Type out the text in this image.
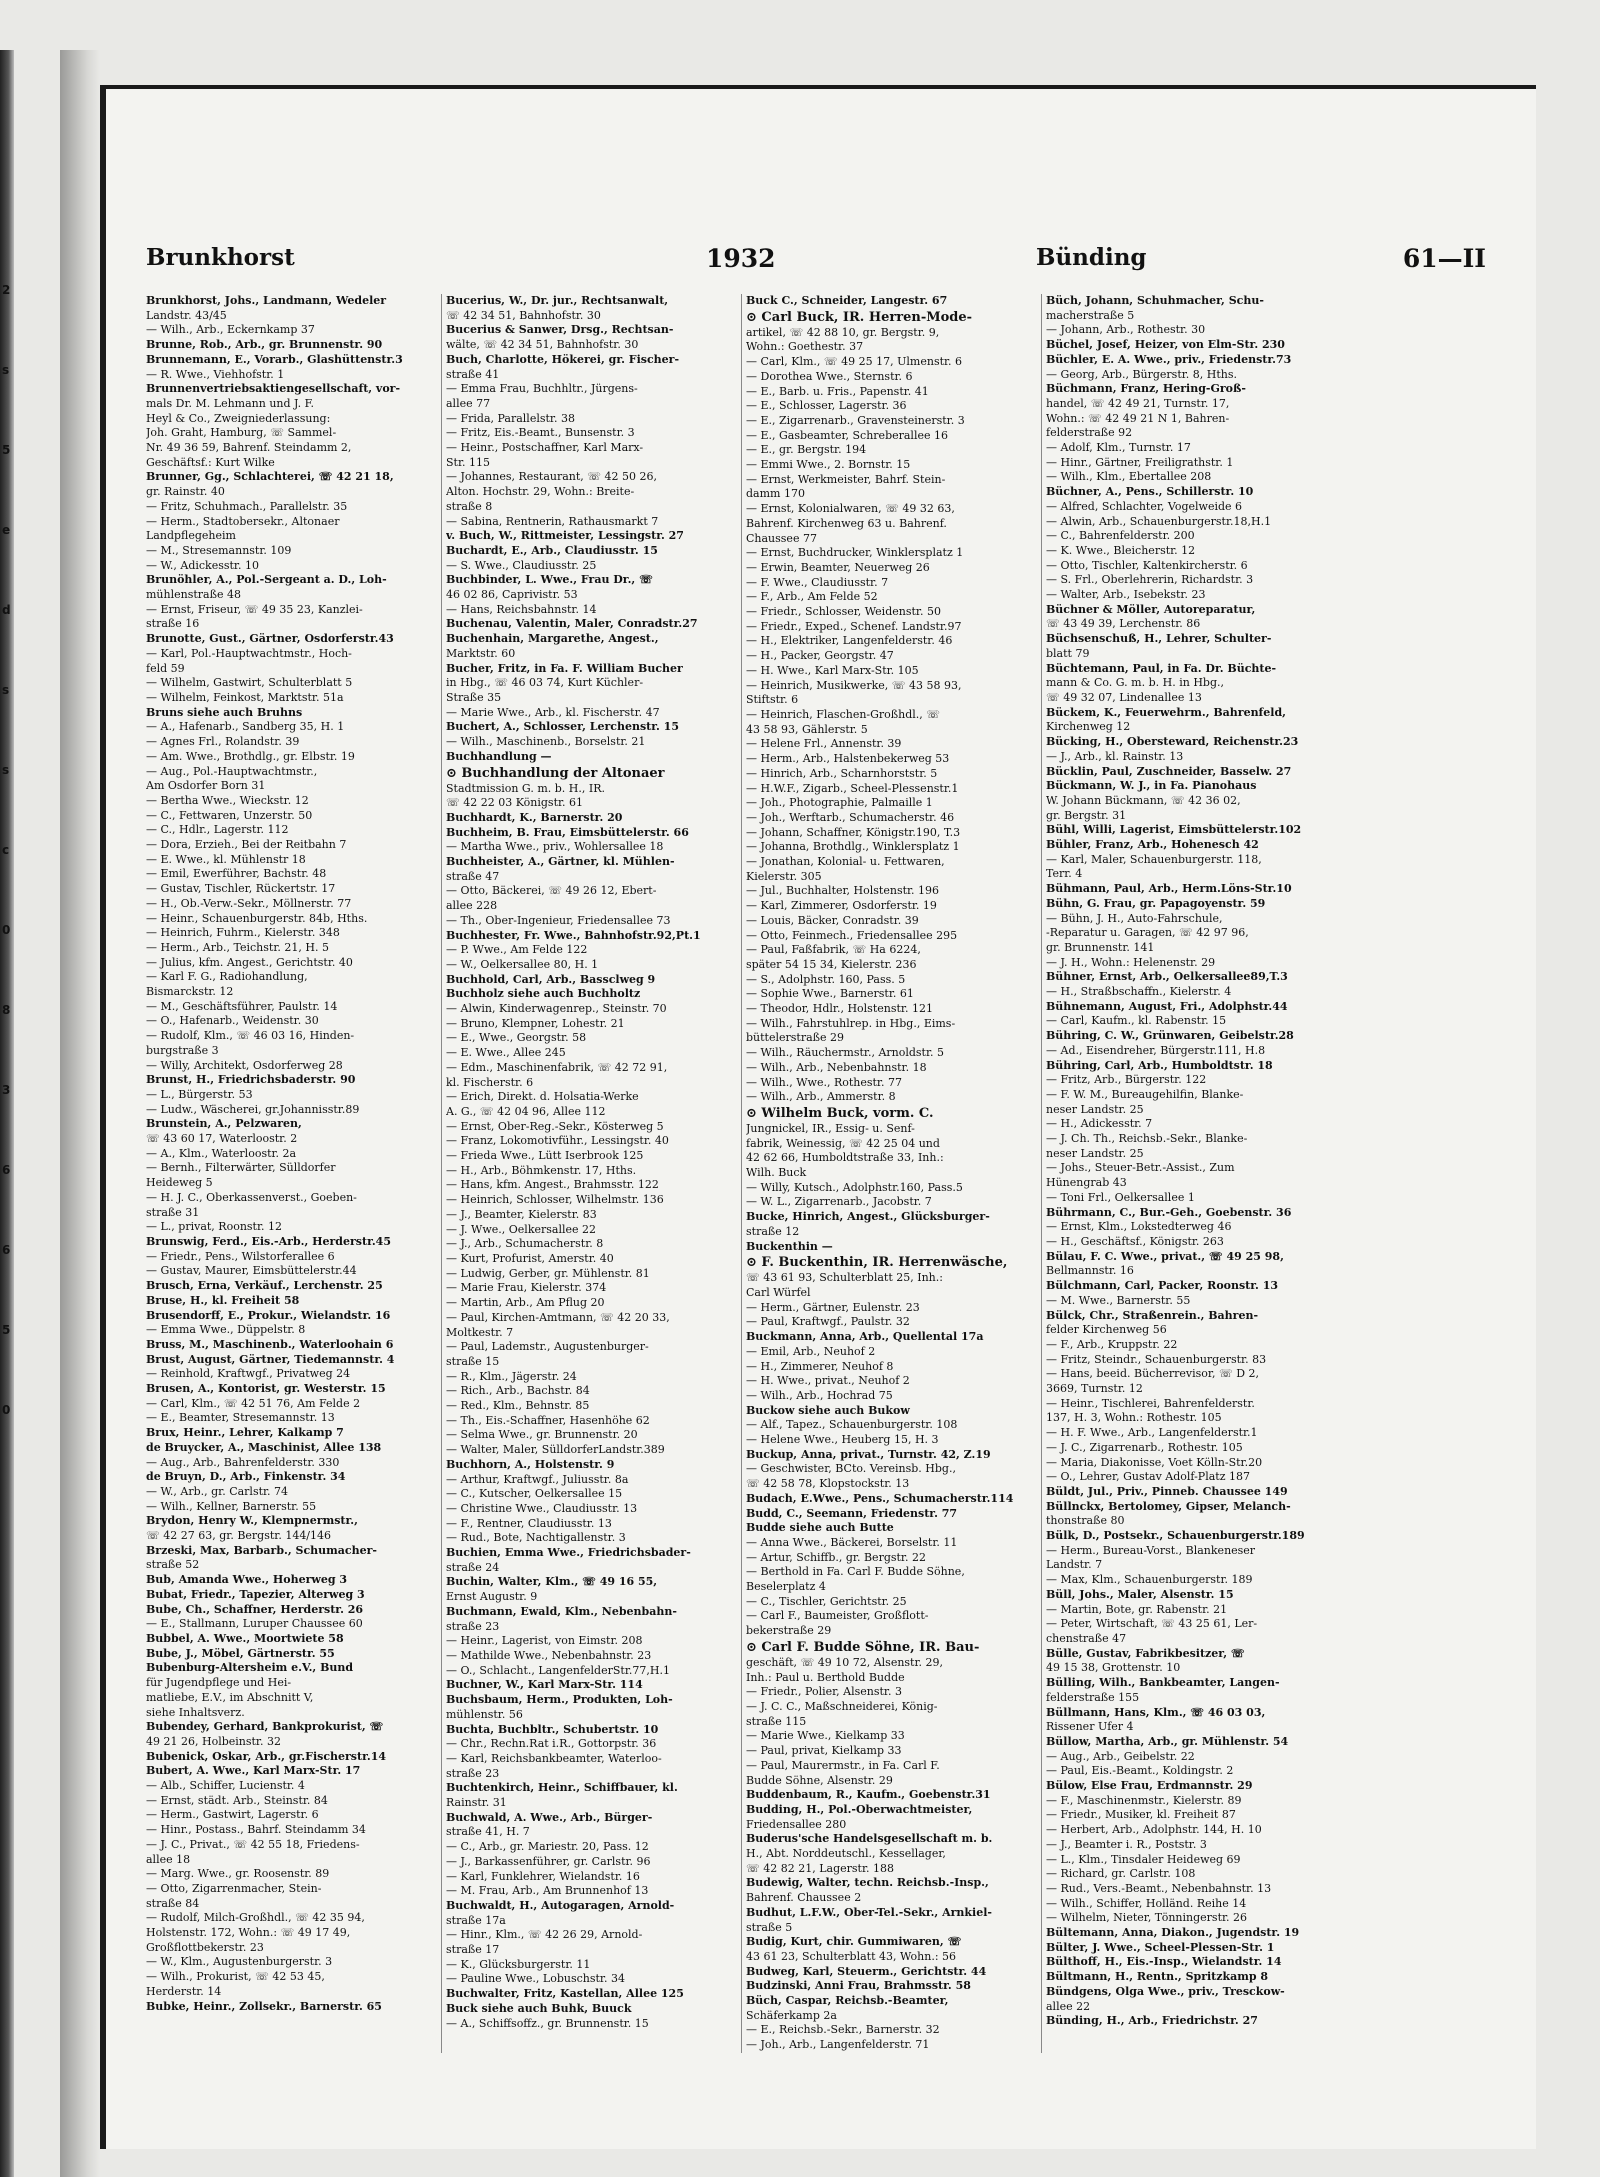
2
s
5
e
d
s
s
c
0
8
3
6
6
5
0
Brunkhorst	1932	Bünding	61—II
Brunkhorst, Johs., Landmann, Wedeler
Landstr. 43/45
— Wilh., Arb., Eckernkamp 37
Brunne, Rob., Arb., gr. Brunnenstr. 90
Brunnemann, E., Vorarb., Glashüttenstr.3
— R. Wwe., Viehhofstr. 1
Brunnenvertriebsaktiengesellschaft, vor-
mals Dr. M. Lehmann und J. F.
Heyl & Co., Zweigniederlassung:
Joh. Graht, Hamburg, ☏ Sammel-
Nr. 49 36 59, Bahrenf. Steindamm 2,
Geschäftsf.: Kurt Wilke
Brunner, Gg., Schlachterei, ☏ 42 21 18,
gr. Rainstr. 40
— Fritz, Schuhmach., Parallelstr. 35
— Herm., Stadtobersekr., Altonaer
Landpflegeheim
— M., Stresemannstr. 109
— W., Adickesstr. 10
Brunöhler, A., Pol.-Sergeant a. D., Loh-
mühlenstraße 48
— Ernst, Friseur, ☏ 49 35 23, Kanzlei-
straße 16
Brunotte, Gust., Gärtner, Osdorferstr.43
— Karl, Pol.-Hauptwachtmstr., Hoch-
feld 59
— Wilhelm, Gastwirt, Schulterblatt 5
— Wilhelm, Feinkost, Marktstr. 51a
Bruns siehe auch Bruhns
— A., Hafenarb., Sandberg 35, H. 1
— Agnes Frl., Rolandstr. 39
— Am. Wwe., Brothdlg., gr. Elbstr. 19
— Aug., Pol.-Hauptwachtmstr.,
Am Osdorfer Born 31
— Bertha Wwe., Wieckstr. 12
— C., Fettwaren, Unzerstr. 50
— C., Hdlr., Lagerstr. 112
— Dora, Erzieh., Bei der Reitbahn 7
— E. Wwe., kl. Mühlenstr 18
— Emil, Ewerführer, Bachstr. 48
— Gustav, Tischler, Rückertstr. 17
— H., Ob.-Verw.-Sekr., Möllnerstr. 77
— Heinr., Schauenburgerstr. 84b, Hths.
— Heinrich, Fuhrm., Kielerstr. 348
— Herm., Arb., Teichstr. 21, H. 5
— Julius, kfm. Angest., Gerichtstr. 40
— Karl F. G., Radiohandlung,
Bismarckstr. 12
— M., Geschäftsführer, Paulstr. 14
— O., Hafenarb., Weidenstr. 30
— Rudolf, Klm., ☏ 46 03 16, Hinden-
burgstraße 3
— Willy, Architekt, Osdorferweg 28
Brunst, H., Friedrichsbaderstr. 90
— L., Bürgerstr. 53
— Ludw., Wäscherei, gr.Johannisstr.89
Brunstein, A., Pelzwaren,
☏ 43 60 17, Waterloostr. 2
— A., Klm., Waterloostr. 2a
— Bernh., Filterwärter, Sülldorfer
Heideweg 5
— H. J. C., Oberkassenverst., Goeben-
straße 31
— L., privat, Roonstr. 12
Brunswig, Ferd., Eis.-Arb., Herderstr.45
— Friedr., Pens., Wilstorferallee 6
— Gustav, Maurer, Eimsbüttelerstr.44
Brusch, Erna, Verkäuf., Lerchenstr. 25
Bruse, H., kl. Freiheit 58
Brusendorff, E., Prokur., Wielandstr. 16
— Emma Wwe., Düppelstr. 8
Bruss, M., Maschinenb., Waterloohain 6
Brust, August, Gärtner, Tiedemannstr. 4
— Reinhold, Kraftwgf., Privatweg 24
Brusen, A., Kontorist, gr. Westerstr. 15
— Carl, Klm., ☏ 42 51 76, Am Felde 2
— E., Beamter, Stresemannstr. 13
Brux, Heinr., Lehrer, Kalkamp 7
de Bruycker, A., Maschinist, Allee 138
— Aug., Arb., Bahrenfelderstr. 330
de Bruyn, D., Arb., Finkenstr. 34
— W., Arb., gr. Carlstr. 74
— Wilh., Kellner, Barnerstr. 55
Brydon, Henry W., Klempnermstr.,
☏ 42 27 63, gr. Bergstr. 144/146
Brzeski, Max, Barbarb., Schumacher-
straße 52
Bub, Amanda Wwe., Hoherweg 3
Bubat, Friedr., Tapezier, Alterweg 3
Bube, Ch., Schaffner, Herderstr. 26
— E., Stallmann, Luruper Chaussee 60
Bubbel, A. Wwe., Moortwiete 58
Bube, J., Möbel, Gärtnerstr. 55
Bubenburg-Altersheim e.V., Bund
für Jugendpflege und Hei-
matliebe, E.V., im Abschnitt V,
siehe Inhaltsverz.
Bubendey, Gerhard, Bankprokurist, ☏
49 21 26, Holbeinstr. 32
Bubenick, Oskar, Arb., gr.Fischerstr.14
Bubert, A. Wwe., Karl Marx-Str. 17
— Alb., Schiffer, Lucienstr. 4
— Ernst, städt. Arb., Steinstr. 84
— Herm., Gastwirt, Lagerstr. 6
— Hinr., Postass., Bahrf. Steindamm 34
— J. C., Privat., ☏ 42 55 18, Friedens-
allee 18
— Marg. Wwe., gr. Roosenstr. 89
— Otto, Zigarrenmacher, Stein-
straße 84
— Rudolf, Milch-Großhdl., ☏ 42 35 94,
Holstenstr. 172, Wohn.: ☏ 49 17 49,
Großflottbekerstr. 23
— W., Klm., Augustenburgerstr. 3
— Wilh., Prokurist, ☏ 42 53 45,
Herderstr. 14
Bubke, Heinr., Zollsekr., Barnerstr. 65
Bucerius, W., Dr. jur., Rechtsanwalt,
☏ 42 34 51, Bahnhofstr. 30
Bucerius & Sanwer, Drsg., Rechtsan-
wälte, ☏ 42 34 51, Bahnhofstr. 30
Buch, Charlotte, Hökerei, gr. Fischer-
straße 41
— Emma Frau, Buchhltr., Jürgens-
allee 77
— Frida, Parallelstr. 38
— Fritz, Eis.-Beamt., Bunsenstr. 3
— Heinr., Postschaffner, Karl Marx-
Str. 115
— Johannes, Restaurant, ☏ 42 50 26,
Alton. Hochstr. 29, Wohn.: Breite-
straße 8
— Sabina, Rentnerin, Rathausmarkt 7
v. Buch, W., Rittmeister, Lessingstr. 27
Buchardt, E., Arb., Claudiusstr. 15
— S. Wwe., Claudiusstr. 25
Buchbinder, L. Wwe., Frau Dr., ☏
46 02 86, Caprivistr. 53
— Hans, Reichsbahnstr. 14
Buchenau, Valentin, Maler, Conradstr.27
Buchenhain, Margarethe, Angest.,
Marktstr. 60
Bucher, Fritz, in Fa. F. William Bucher
in Hbg., ☏ 46 03 74, Kurt Küchler-
Straße 35
— Marie Wwe., Arb., kl. Fischerstr. 47
Buchert, A., Schlosser, Lerchenstr. 15
— Wilh., Maschinenb., Borselstr. 21
Buchhandlung —
⊙ Buchhandlung der Altonaer
Stadtmission G. m. b. H., IR.
☏ 42 22 03 Königstr. 61
Buchhardt, K., Barnerstr. 20
Buchheim, B. Frau, Eimsbüttelerstr. 66
— Martha Wwe., priv., Wohlersallee 18
Buchheister, A., Gärtner, kl. Mühlen-
straße 47
— Otto, Bäckerei, ☏ 49 26 12, Ebert-
allee 228
— Th., Ober-Ingenieur, Friedensallee 73
Buchhester, Fr. Wwe., Bahnhofstr.92,Pt.1
— P. Wwe., Am Felde 122
— W., Oelkersallee 80, H. 1
Buchhold, Carl, Arb., Bassclweg 9
Buchholz siehe auch Buchholtz
— Alwin, Kinderwagenrep., Steinstr. 70
— Bruno, Klempner, Lohestr. 21
— E., Wwe., Georgstr. 58
— E. Wwe., Allee 245
— Edm., Maschinenfabrik, ☏ 42 72 91,
kl. Fischerstr. 6
— Erich, Direkt. d. Holsatia-Werke
A. G., ☏ 42 04 96, Allee 112
— Ernst, Ober-Reg.-Sekr., Kösterweg 5
— Franz, Lokomotivführ., Lessingstr. 40
— Frieda Wwe., Lütt Iserbrook 125
— H., Arb., Böhmkenstr. 17, Hths.
— Hans, kfm. Angest., Brahmsstr. 122
— Heinrich, Schlosser, Wilhelmstr. 136
— J., Beamter, Kielerstr. 83
— J. Wwe., Oelkersallee 22
— J., Arb., Schumacherstr. 8
— Kurt, Profurist, Amerstr. 40
— Ludwig, Gerber, gr. Mühlenstr. 81
— Marie Frau, Kielerstr. 374
— Martin, Arb., Am Pflug 20
— Paul, Kirchen-Amtmann, ☏ 42 20 33,
Moltkestr. 7
— Paul, Lademstr., Augustenburger-
straße 15
— R., Klm., Jägerstr. 24
— Rich., Arb., Bachstr. 84
— Red., Klm., Behnstr. 85
— Th., Eis.-Schaffner, Hasenhöhe 62
— Selma Wwe., gr. Brunnenstr. 20
— Walter, Maler, SülldorferLandstr.389
Buchhorn, A., Holstenstr. 9
— Arthur, Kraftwgf., Juliusstr. 8a
— C., Kutscher, Oelkersallee 15
— Christine Wwe., Claudiusstr. 13
— F., Rentner, Claudiusstr. 13
— Rud., Bote, Nachtigallenstr. 3
Buchien, Emma Wwe., Friedrichsbader-
straße 24
Buchin, Walter, Klm., ☏ 49 16 55,
Ernst Augustr. 9
Buchmann, Ewald, Klm., Nebenbahn-
straße 23
— Heinr., Lagerist, von Eimstr. 208
— Mathilde Wwe., Nebenbahnstr. 23
— O., Schlacht., LangenfelderStr.77,H.1
Buchner, W., Karl Marx-Str. 114
Buchsbaum, Herm., Produkten, Loh-
mühlenstr. 56
Buchta, Buchbltr., Schubertstr. 10
— Chr., Rechn.Rat i.R., Gottorpstr. 36
— Karl, Reichsbankbeamter, Waterloo-
straße 23
Buchtenkirch, Heinr., Schiffbauer, kl.
Rainstr. 31
Buchwald, A. Wwe., Arb., Bürger-
straße 41, H. 7
— C., Arb., gr. Mariestr. 20, Pass. 12
— J., Barkassenführer, gr. Carlstr. 96
— Karl, Funklehrer, Wielandstr. 16
— M. Frau, Arb., Am Brunnenhof 13
Buchwaldt, H., Autogaragen, Arnold-
straße 17a
— Hinr., Klm., ☏ 42 26 29, Arnold-
straße 17
— K., Glücksburgerstr. 11
— Pauline Wwe., Lobuschstr. 34
Buchwalter, Fritz, Kastellan, Allee 125
Buck siehe auch Buhk, Buuck
— A., Schiffsoffz., gr. Brunnenstr. 15
Buck C., Schneider, Langestr. 67
⊙ Carl Buck, IR. Herren-Mode-
artikel, ☏ 42 88 10, gr. Bergstr. 9,
Wohn.: Goethestr. 37
— Carl, Klm., ☏ 49 25 17, Ulmenstr. 6
— Dorothea Wwe., Sternstr. 6
— E., Barb. u. Fris., Papenstr. 41
— E., Schlosser, Lagerstr. 36
— E., Zigarrenarb., Gravensteinerstr. 3
— E., Gasbeamter, Schreberallee 16
— E., gr. Bergstr. 194
— Emmi Wwe., 2. Bornstr. 15
— Ernst, Werkmeister, Bahrf. Stein-
damm 170
— Ernst, Kolonialwaren, ☏ 49 32 63,
Bahrenf. Kirchenweg 63 u. Bahrenf.
Chaussee 77
— Ernst, Buchdrucker, Winklersplatz 1
— Erwin, Beamter, Neuerweg 26
— F. Wwe., Claudiusstr. 7
— F., Arb., Am Felde 52
— Friedr., Schlosser, Weidenstr. 50
— Friedr., Exped., Schenef. Landstr.97
— H., Elektriker, Langenfelderstr. 46
— H., Packer, Georgstr. 47
— H. Wwe., Karl Marx-Str. 105
— Heinrich, Musikwerke, ☏ 43 58 93,
Stiftstr. 6
— Heinrich, Flaschen-Großhdl., ☏
43 58 93, Gählerstr. 5
— Helene Frl., Annenstr. 39
— Herm., Arb., Halstenbekerweg 53
— Hinrich, Arb., Scharnhorststr. 5
— H.W.F., Zigarb., Scheel-Plessenstr.1
— Joh., Photographie, Palmaille 1
— Joh., Werftarb., Schumacherstr. 46
— Johann, Schaffner, Königstr.190, T.3
— Johanna, Brothdlg., Winklersplatz 1
— Jonathan, Kolonial- u. Fettwaren,
Kielerstr. 305
— Jul., Buchhalter, Holstenstr. 196
— Karl, Zimmerer, Osdorferstr. 19
— Louis, Bäcker, Conradstr. 39
— Otto, Feinmech., Friedensallee 295
— Paul, Faßfabrik, ☏ Ha 6224,
später 54 15 34, Kielerstr. 236
— S., Adolphstr. 160, Pass. 5
— Sophie Wwe., Barnerstr. 61
— Theodor, Hdlr., Holstenstr. 121
— Wilh., Fahrstuhlrep. in Hbg., Eims-
büttelerstraße 29
— Wilh., Räuchermstr., Arnoldstr. 5
— Wilh., Arb., Nebenbahnstr. 18
— Wilh., Wwe., Rothestr. 77
— Wilh., Arb., Ammerstr. 8
⊙ Wilhelm Buck, vorm. C.
Jungnickel, IR., Essig- u. Senf-
fabrik, Weinessig, ☏ 42 25 04 und
42 62 66, Humboldtstraße 33, Inh.:
Wilh. Buck
— Willy, Kutsch., Adolphstr.160, Pass.5
— W. L., Zigarrenarb., Jacobstr. 7
Bucke, Hinrich, Angest., Glücksburger-
straße 12
Buckenthin —
⊙ F. Buckenthin, IR. Herrenwäsche,
☏ 43 61 93, Schulterblatt 25, Inh.:
Carl Würfel
— Herm., Gärtner, Eulenstr. 23
— Paul, Kraftwgf., Paulstr. 32
Buckmann, Anna, Arb., Quellental 17a
— Emil, Arb., Neuhof 2
— H., Zimmerer, Neuhof 8
— H. Wwe., privat., Neuhof 2
— Wilh., Arb., Hochrad 75
Buckow siehe auch Bukow
— Alf., Tapez., Schauenburgerstr. 108
— Helene Wwe., Heuberg 15, H. 3
Buckup, Anna, privat., Turnstr. 42, Z.19
— Geschwister, BCto. Vereinsb. Hbg.,
☏ 42 58 78, Klopstockstr. 13
Budach, E.Wwe., Pens., Schumacherstr.114
Budd, C., Seemann, Friedenstr. 77
Budde siehe auch Butte
— Anna Wwe., Bäckerei, Borselstr. 11
— Artur, Schiffb., gr. Bergstr. 22
— Berthold in Fa. Carl F. Budde Söhne,
Beselerplatz 4
— C., Tischler, Gerichtstr. 25
— Carl F., Baumeister, Großflott-
bekerstraße 29
⊙ Carl F. Budde Söhne, IR. Bau-
geschäft, ☏ 49 10 72, Alsenstr. 29,
Inh.: Paul u. Berthold Budde
— Friedr., Polier, Alsenstr. 3
— J. C. C., Maßschneiderei, König-
straße 115
— Marie Wwe., Kielkamp 33
— Paul, privat, Kielkamp 33
— Paul, Maurermstr., in Fa. Carl F.
Budde Söhne, Alsenstr. 29
Buddenbaum, R., Kaufm., Goebenstr.31
Budding, H., Pol.-Oberwachtmeister,
Friedensallee 280
Buderus'sche Handelsgesellschaft m. b.
H., Abt. Norddeutschl., Kessellager,
☏ 42 82 21, Lagerstr. 188
Budewig, Walter, techn. Reichsb.-Insp.,
Bahrenf. Chaussee 2
Budhut, L.F.W., Ober-Tel.-Sekr., Arnkiel-
straße 5
Budig, Kurt, chir. Gummiwaren, ☏
43 61 23, Schulterblatt 43, Wohn.: 56
Budweg, Karl, Steuerm., Gerichtstr. 44
Budzinski, Anni Frau, Brahmsstr. 58
Büch, Caspar, Reichsb.-Beamter,
Schäferkamp 2a
— E., Reichsb.-Sekr., Barnerstr. 32
— Joh., Arb., Langenfelderstr. 71
Büch, Johann, Schuhmacher, Schu-
macherstraße 5
— Johann, Arb., Rothestr. 30
Büchel, Josef, Heizer, von Elm-Str. 230
Büchler, E. A. Wwe., priv., Friedenstr.73
— Georg, Arb., Bürgerstr. 8, Hths.
Büchmann, Franz, Hering-Groß-
handel, ☏ 42 49 21, Turnstr. 17,
Wohn.: ☏ 42 49 21 N 1, Bahren-
felderstraße 92
— Adolf, Klm., Turnstr. 17
— Hinr., Gärtner, Freiligrathstr. 1
— Wilh., Klm., Ebertallee 208
Büchner, A., Pens., Schillerstr. 10
— Alfred, Schlachter, Vogelweide 6
— Alwin, Arb., Schauenburgerstr.18,H.1
— C., Bahrenfelderstr. 200
— K. Wwe., Bleicherstr. 12
— Otto, Tischler, Kaltenkircherstr. 6
— S. Frl., Oberlehrerin, Richardstr. 3
— Walter, Arb., Isebekstr. 23
Büchner & Möller, Autoreparatur,
☏ 43 49 39, Lerchenstr. 86
Büchsenschuß, H., Lehrer, Schulter-
blatt 79
Büchtemann, Paul, in Fa. Dr. Büchte-
mann & Co. G. m. b. H. in Hbg.,
☏ 49 32 07, Lindenallee 13
Bückem, K., Feuerwehrm., Bahrenfeld,
Kirchenweg 12
Bücking, H., Obersteward, Reichenstr.23
— J., Arb., kl. Rainstr. 13
Bücklin, Paul, Zuschneider, Basselw. 27
Bückmann, W. J., in Fa. Pianohaus
W. Johann Bückmann, ☏ 42 36 02,
gr. Bergstr. 31
Bühl, Willi, Lagerist, Eimsbüttelerstr.102
Bühler, Franz, Arb., Hohenesch 42
— Karl, Maler, Schauenburgerstr. 118,
Terr. 4
Bühmann, Paul, Arb., Herm.Löns-Str.10
Bühn, G. Frau, gr. Papagoyenstr. 59
— Bühn, J. H., Auto-Fahrschule,
-Reparatur u. Garagen, ☏ 42 97 96,
gr. Brunnenstr. 141
— J. H., Wohn.: Helenenstr. 29
Bühner, Ernst, Arb., Oelkersallee89,T.3
— H., Straßbschaffn., Kielerstr. 4
Bühnemann, August, Fri., Adolphstr.44
— Carl, Kaufm., kl. Rabenstr. 15
Bühring, C. W., Grünwaren, Geibelstr.28
— Ad., Eisendreher, Bürgerstr.111, H.8
Bühring, Carl, Arb., Humboldtstr. 18
— Fritz, Arb., Bürgerstr. 122
— F. W. M., Bureaugehilfin, Blanke-
neser Landstr. 25
— H., Adickesstr. 7
— J. Ch. Th., Reichsb.-Sekr., Blanke-
neser Landstr. 25
— Johs., Steuer-Betr.-Assist., Zum
Hünengrab 43
— Toni Frl., Oelkersallee 1
Bührmann, C., Bur.-Geh., Goebenstr. 36
— Ernst, Klm., Lokstedterweg 46
— H., Geschäftsf., Königstr. 263
Bülau, F. C. Wwe., privat., ☏ 49 25 98,
Bellmannstr. 16
Bülchmann, Carl, Packer, Roonstr. 13
— M. Wwe., Barnerstr. 55
Bülck, Chr., Straßenrein., Bahren-
felder Kirchenweg 56
— F., Arb., Kruppstr. 22
— Fritz, Steindr., Schauenburgerstr. 83
— Hans, beeid. Bücherrevisor, ☏ D 2,
3669, Turnstr. 12
— Heinr., Tischlerei, Bahrenfelderstr.
137, H. 3, Wohn.: Rothestr. 105
— H. F. Wwe., Arb., Langenfelderstr.1
— J. C., Zigarrenarb., Rothestr. 105
— Maria, Diakonisse, Voet Kölln-Str.20
— O., Lehrer, Gustav Adolf-Platz 187
Büldt, Jul., Priv., Pinneb. Chaussee 149
Büllnckx, Bertolomey, Gipser, Melanch-
thonstraße 80
Bülk, D., Postsekr., Schauenburgerstr.189
— Herm., Bureau-Vorst., Blankeneser
Landstr. 7
— Max, Klm., Schauenburgerstr. 189
Büll, Johs., Maler, Alsenstr. 15
— Martin, Bote, gr. Rabenstr. 21
— Peter, Wirtschaft, ☏ 43 25 61, Ler-
chenstraße 47
Bülle, Gustav, Fabrikbesitzer, ☏
49 15 38, Grottenstr. 10
Bülling, Wilh., Bankbeamter, Langen-
felderstraße 155
Büllmann, Hans, Klm., ☏ 46 03 03,
Rissener Ufer 4
Büllow, Martha, Arb., gr. Mühlenstr. 54
— Aug., Arb., Geibelstr. 22
— Paul, Eis.-Beamt., Koldingstr. 2
Bülow, Else Frau, Erdmannstr. 29
— F., Maschinenmstr., Kielerstr. 89
— Friedr., Musiker, kl. Freiheit 87
— Herbert, Arb., Adolphstr. 144, H. 10
— J., Beamter i. R., Poststr. 3
— L., Klm., Tinsdaler Heideweg 69
— Richard, gr. Carlstr. 108
— Rud., Vers.-Beamt., Nebenbahnstr. 13
— Wilh., Schiffer, Holländ. Reihe 14
— Wilhelm, Nieter, Tönningerstr. 26
Bültemann, Anna, Diakon., Jugendstr. 19
Bülter, J. Wwe., Scheel-Plessen-Str. 1
Bülthoff, H., Eis.-Insp., Wielandstr. 14
Bültmann, H., Rentn., Spritzkamp 8
Bündgens, Olga Wwe., priv., Tresckow-
allee 22
Bünding, H., Arb., Friedrichstr. 27
